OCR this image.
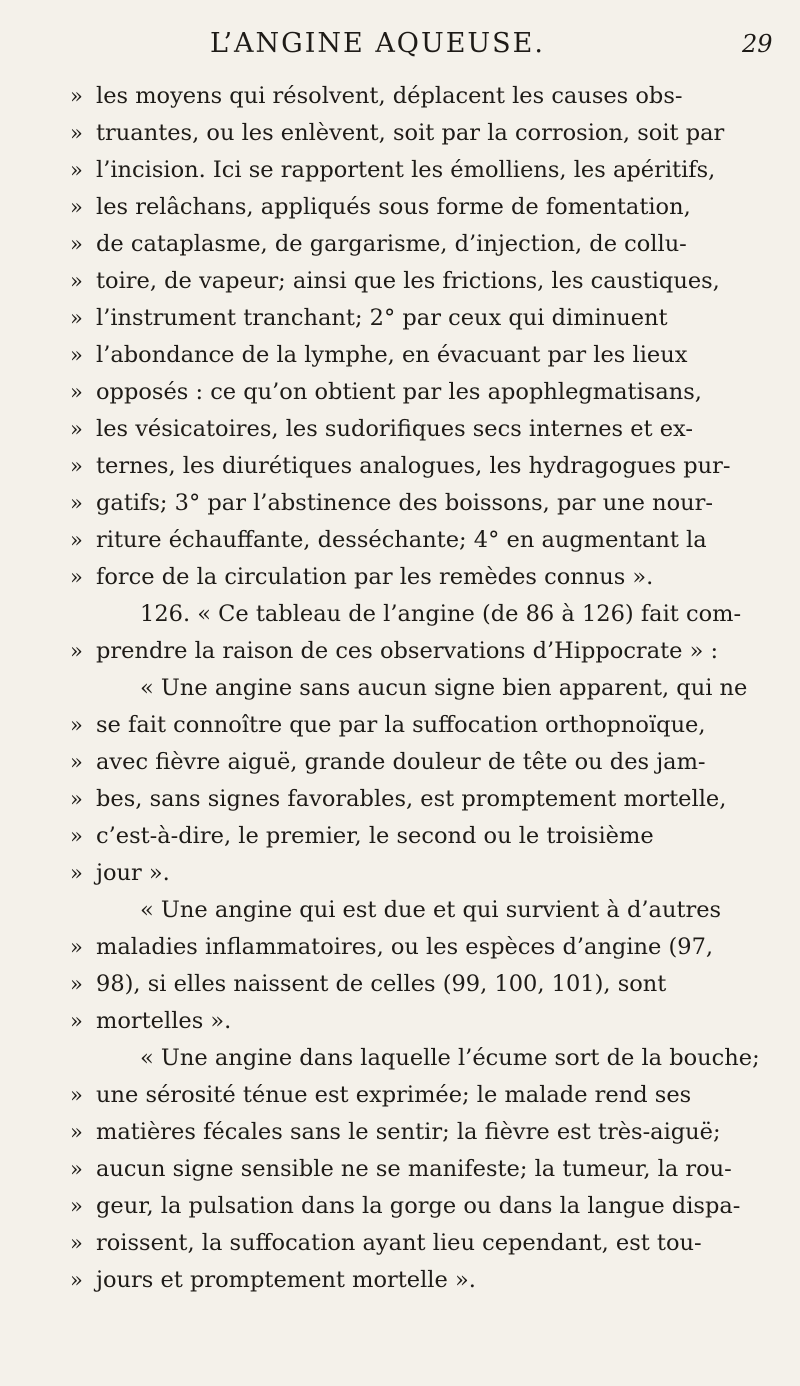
L’ANGINE AQUEUSE.	29
» les moyens qui résolvent, déplacent les causes obs-
» truantes, ou les enlèvent, soit par la corrosion, soit par
» l’incision. Ici se rapportent les émolliens, les apéritifs,
» les relâchans, appliqués sous forme de fomentation,
» de cataplasme, de gargarisme, d’injection, de collu-
» toire, de vapeur; ainsi que les frictions, les caustiques,
» l’instrument tranchant; 2° par ceux qui diminuent
» l’abondance de la lymphe, en évacuant par les lieux
» opposés : ce qu’on obtient par les apophlegmatisans,
» les vésicatoires, les sudorifiques secs internes et ex-
» ternes, les diurétiques analogues, les hydragogues pur-
» gatifs; 3° par l’abstinence des boissons, par une nour-
» riture échauffante, desséchante; 4° en augmentant la
» force de la circulation par les remèdes connus ».
126. « Ce tableau de l’angine (de 86 à 126) fait com-
» prendre la raison de ces observations d’Hippocrate » :
« Une angine sans aucun signe bien apparent, qui ne
» se fait connoître que par la suffocation orthopnoïque,
» avec fièvre aiguë, grande douleur de tête ou des jam-
» bes, sans signes favorables, est promptement mortelle,
» c’est-à-dire, le premier, le second ou le troisième
» jour ».
« Une angine qui est due et qui survient à d’autres
» maladies inflammatoires, ou les espèces d’angine (97,
» 98), si elles naissent de celles (99, 100, 101), sont
» mortelles ».
« Une angine dans laquelle l’écume sort de la bouche;
» une sérosité ténue est exprimée; le malade rend ses
» matières fécales sans le sentir; la fièvre est très-aiguë;
» aucun signe sensible ne se manifeste; la tumeur, la rou-
» geur, la pulsation dans la gorge ou dans la langue dispa-
» roissent, la suffocation ayant lieu cependant, est tou-
» jours et promptement mortelle ».
